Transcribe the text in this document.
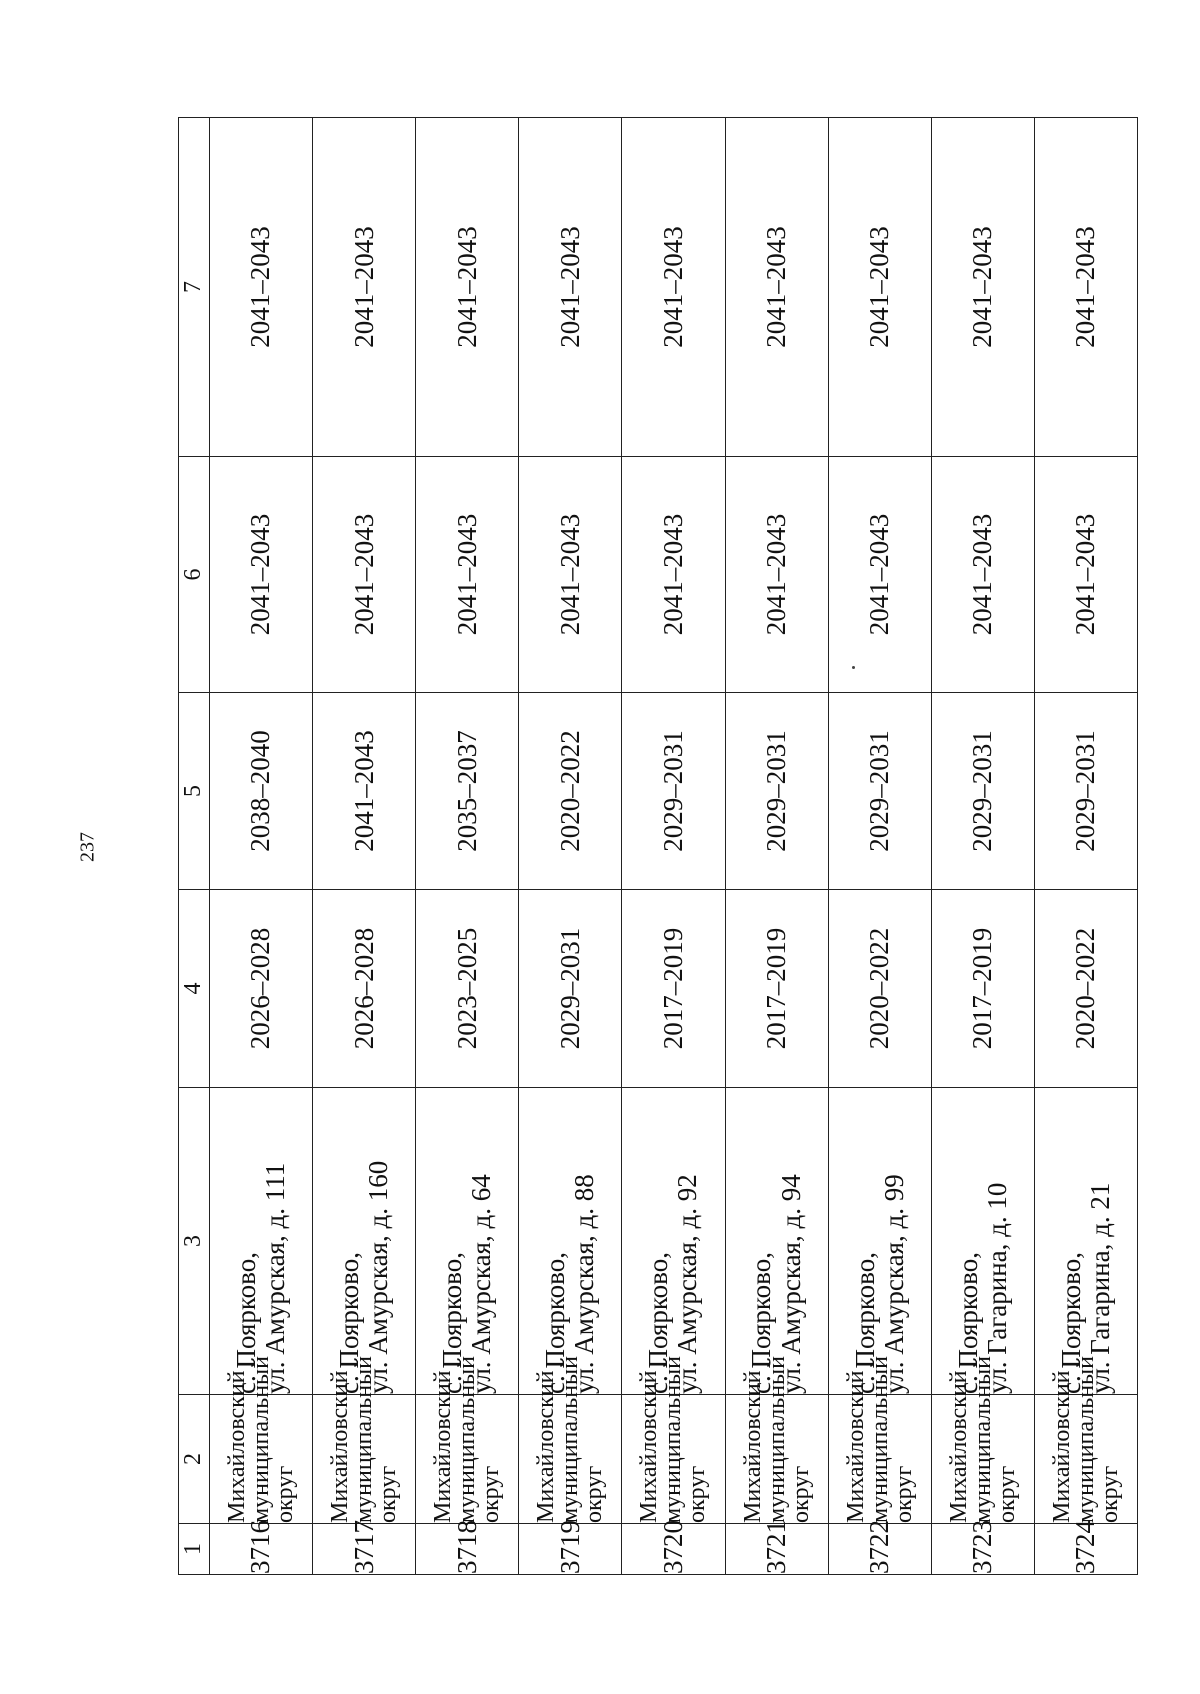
237
1	2	3	4	5	6	7
3716	Михайловский
муниципальный
округ	с. Поярково, ул. Амурская, д. 111	2026–2028	2038–2040	2041–2043	2041–2043
3717	Михайловский
муниципальный
округ	с. Поярково, ул. Амурская, д. 160	2026–2028	2041–2043	2041–2043	2041–2043
3718	Михайловский
муниципальный
округ	с. Поярково, ул. Амурская, д. 64	2023–2025	2035–2037	2041–2043	2041–2043
3719	Михайловский
муниципальный
округ	с. Поярково, ул. Амурская, д. 88	2029–2031	2020–2022	2041–2043	2041–2043
3720	Михайловский
муниципальный
округ	с. Поярково, ул. Амурская, д. 92	2017–2019	2029–2031	2041–2043	2041–2043
3721	Михайловский
муниципальный
округ	с. Поярково, ул. Амурская, д. 94	2017–2019	2029–2031	2041–2043	2041–2043
3722	Михайловский
муниципальный
округ	с. Поярково, ул. Амурская, д. 99	2020–2022	2029–2031	2041–2043	2041–2043
3723	Михайловский
муниципальный
округ	с. Поярково, ул. Гагарина, д. 10	2017–2019	2029–2031	2041–2043	2041–2043
3724	Михайловский
муниципальный
округ	с. Поярково, ул. Гагарина, д. 21	2020–2022	2029–2031	2041–2043	2041–2043
